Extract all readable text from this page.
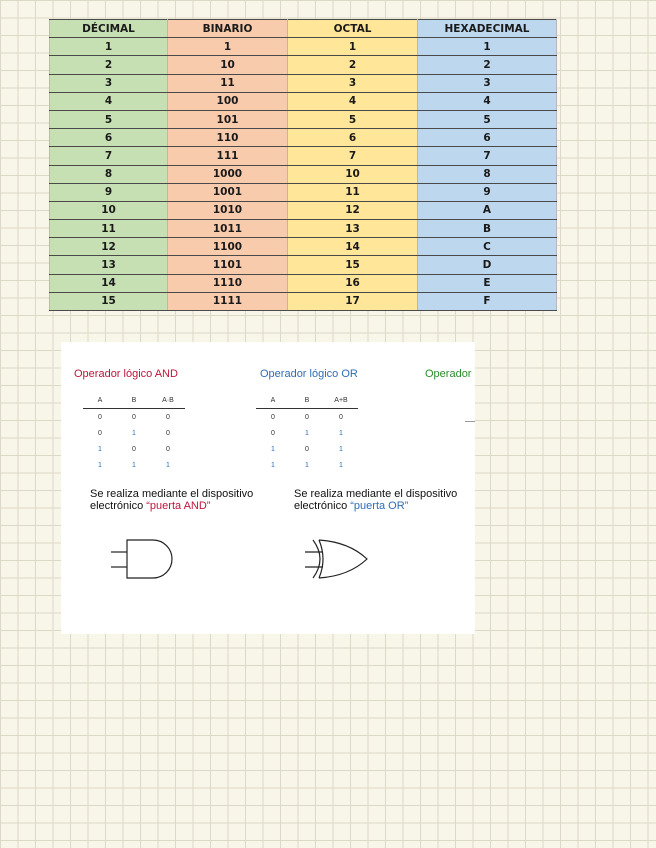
DÉCIMAL	BINARIO	OCTAL	HEXADECIMAL
1	1	1	1
2	10	2	2
3	11	3	3
4	100	4	4
5	101	5	5
6	110	6	6
7	111	7	7
8	1000	10	8
9	1001	11	9
10	1010	12	A
11	1011	13	B
12	1100	14	C
13	1101	15	D
14	1110	16	E
15	1111	17	F
Operador lógico AND	Operador lógico OR	Operador
A	B	A·B
0	0	0
0	1	0
1	0	0
1	1	1
A	B	A+B
0	0	0
0	1	1
1	0	1
1	1	1
Se realiza mediante el dispositivo electrónico “puerta AND”
Se realiza mediante el dispositivo electrónico “puerta OR”
